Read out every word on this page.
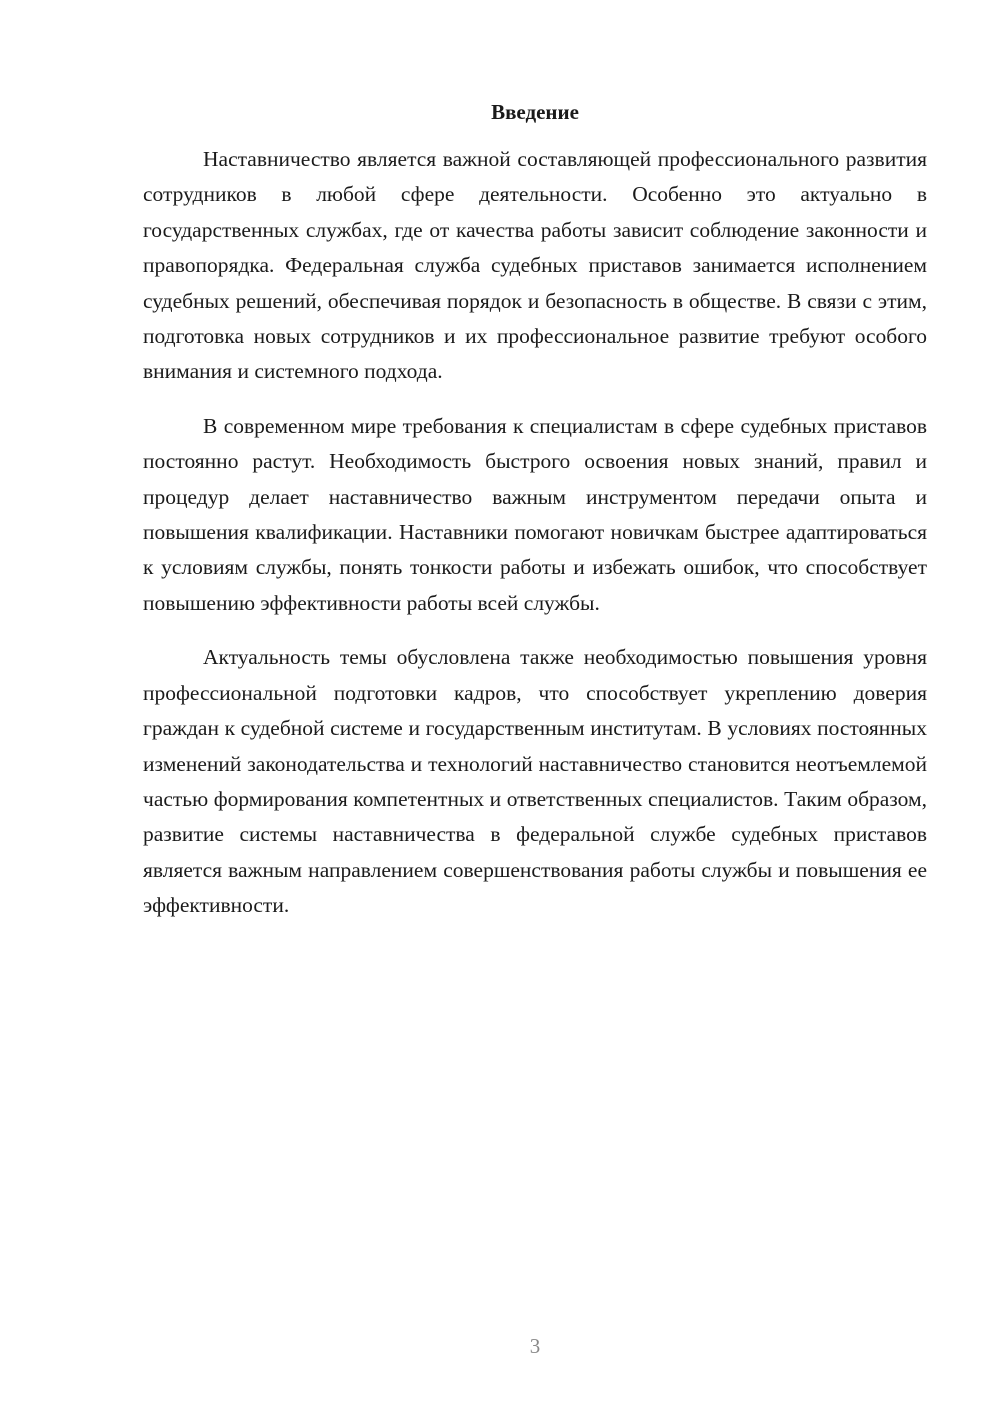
Введение

Наставничество является важной составляющей профессионального развития сотрудников в любой сфере деятельности. Особенно это актуально в государственных службах, где от качества работы зависит соблюдение законности и правопорядка. Федеральная служба судебных приставов занимается исполнением судебных решений, обеспечивая порядок и безопасность в обществе. В связи с этим, подготовка новых сотрудников и их профессиональное развитие требуют особого внимания и системного подхода.

В современном мире требования к специалистам в сфере судебных приставов постоянно растут. Необходимость быстрого освоения новых знаний, правил и процедур делает наставничество важным инструментом передачи опыта и повышения квалификации. Наставники помогают новичкам быстрее адаптироваться к условиям службы, понять тонкости работы и избежать ошибок, что способствует повышению эффективности работы всей службы.

Актуальность темы обусловлена также необходимостью повышения уровня профессиональной подготовки кадров, что способствует укреплению доверия граждан к судебной системе и государственным институтам. В условиях постоянных изменений законодательства и технологий наставничество становится неотъемлемой частью формирования компетентных и ответственных специалистов. Таким образом, развитие системы наставничества в федеральной службе судебных приставов является важным направлением совершенствования работы службы и повышения ее эффективности.

3
